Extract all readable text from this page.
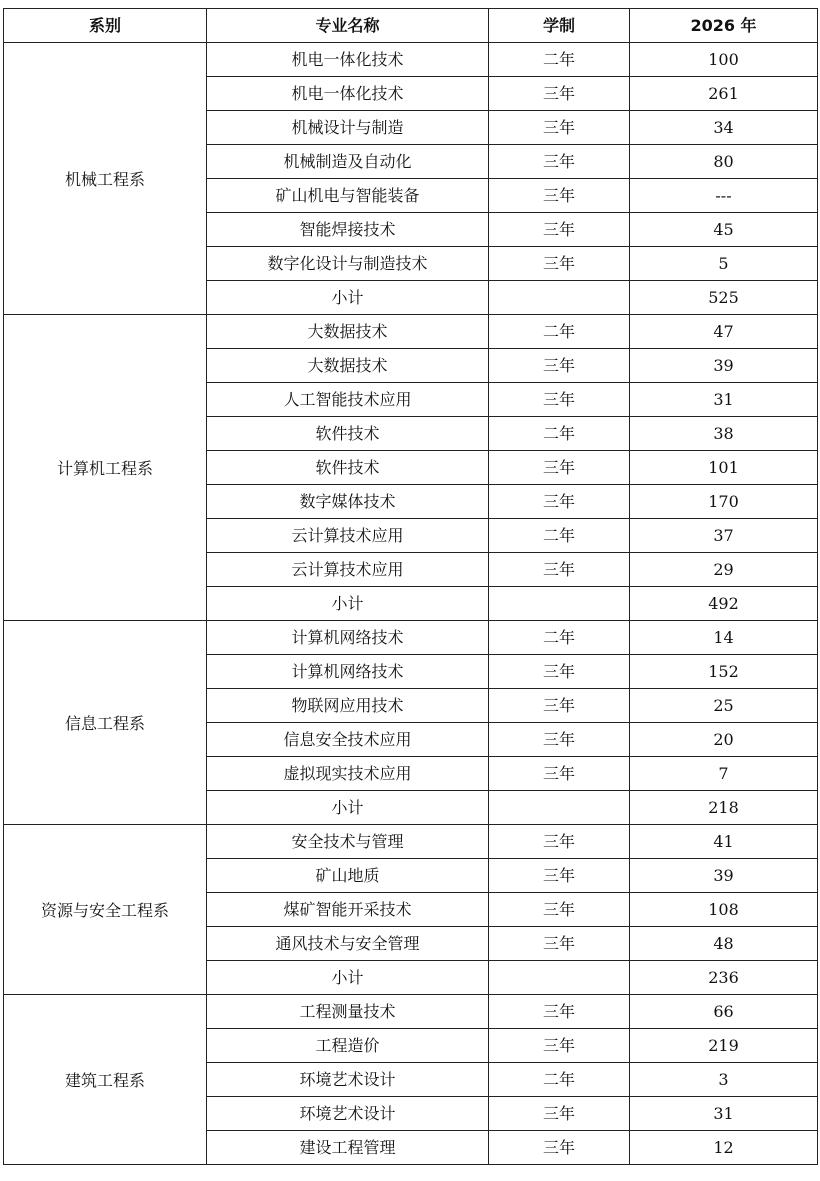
系别	专业名称	学制	2026 年
机械工程系	机电一体化技术	二年	100
	机电一体化技术	三年	261
	机械设计与制造	三年	34
	机械制造及自动化	三年	80
	矿山机电与智能装备	三年	---
	智能焊接技术	三年	45
	数字化设计与制造技术	三年	5
	小计		525
计算机工程系	大数据技术	二年	47
	大数据技术	三年	39
	人工智能技术应用	三年	31
	软件技术	二年	38
	软件技术	三年	101
	数字媒体技术	三年	170
	云计算技术应用	二年	37
	云计算技术应用	三年	29
	小计		492
信息工程系	计算机网络技术	二年	14
	计算机网络技术	三年	152
	物联网应用技术	三年	25
	信息安全技术应用	三年	20
	虚拟现实技术应用	三年	7
	小计		218
资源与安全工程系	安全技术与管理	三年	41
	矿山地质	三年	39
	煤矿智能开采技术	三年	108
	通风技术与安全管理	三年	48
	小计		236
建筑工程系	工程测量技术	三年	66
	工程造价	三年	219
	环境艺术设计	二年	3
	环境艺术设计	三年	31
	建设工程管理	三年	12
